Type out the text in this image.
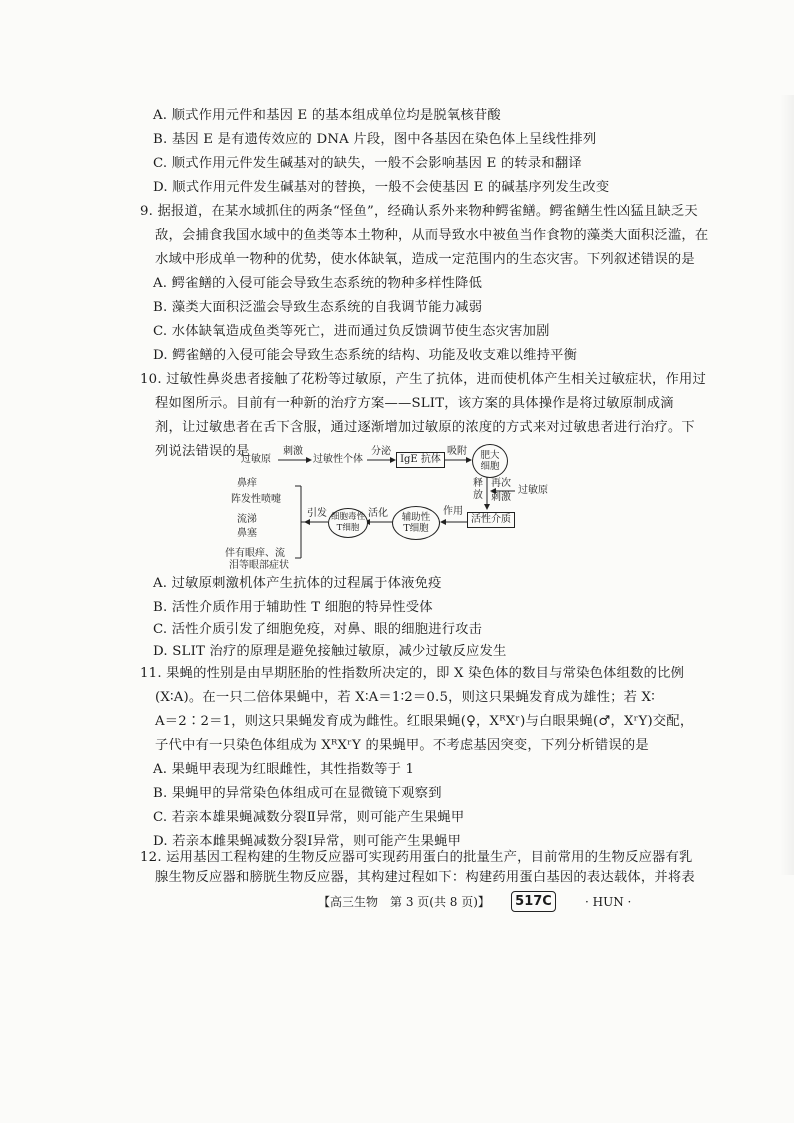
A. 顺式作用元件和基因 E 的基本组成单位均是脱氧核苷酸
B. 基因 E 是有遗传效应的 DNA 片段，图中各基因在染色体上呈线性排列
C. 顺式作用元件发生碱基对的缺失，一般不会影响基因 E 的转录和翻译
D. 顺式作用元件发生碱基对的替换，一般不会使基因 E 的碱基序列发生改变
9. 据报道，在某水域抓住的两条“怪鱼”，经确认系外来物种鳄雀鳝。鳄雀鳝生性凶猛且缺乏天
敌，会捕食我国水域中的鱼类等本土物种，从而导致水中被鱼当作食物的藻类大面积泛滥，在
水域中形成单一物种的优势，使水体缺氧，造成一定范围内的生态灾害。下列叙述错误的是
A. 鳄雀鳝的入侵可能会导致生态系统的物种多样性降低
B. 藻类大面积泛滥会导致生态系统的自我调节能力减弱
C. 水体缺氧造成鱼类等死亡，进而通过负反馈调节使生态灾害加剧
D. 鳄雀鳝的入侵可能会导致生态系统的结构、功能及收支难以维持平衡
10. 过敏性鼻炎患者接触了花粉等过敏原，产生了抗体，进而使机体产生相关过敏症状，作用过
程如图所示。目前有一种新的治疗方案——SLIT，该方案的具体操作是将过敏原制成滴
剂，让过敏患者在舌下含服，通过逐渐增加过敏原的浓度的方式来对过敏患者进行治疗。下
列说法错误的是
过敏原
刺激
过敏性个体
分泌
IgE 抗体
吸附 肥大细胞
释放
再次
刺激
过敏原
活性介质
作用
辅助性T细胞
活化
细胞毒性T细胞
引发
鼻痒
阵发性喷嚏
流涕
鼻塞
伴有眼痒、流
泪等眼部症状
A. 过敏原刺激机体产生抗体的过程属于体液免疫
B. 活性介质作用于辅助性 T 细胞的特异性受体
C. 活性介质引发了细胞免疫，对鼻、眼的细胞进行攻击
D. SLIT 治疗的原理是避免接触过敏原，减少过敏反应发生
11. 果蝇的性别是由早期胚胎的性指数所决定的，即 X 染色体的数目与常染色体组数的比例
(X∶A)。在一只二倍体果蝇中，若 X∶A＝1∶2＝0.5，则这只果蝇发育成为雄性；若 X∶
A＝2∶2＝1，则这只果蝇发育成为雌性。红眼果蝇(♀，XᴿXʳ)与白眼果蝇(♂，XʳY)交配，
子代中有一只染色体组成为 XᴿXʳY 的果蝇甲。不考虑基因突变，下列分析错误的是
A. 果蝇甲表现为红眼雌性，其性指数等于 1
B. 果蝇甲的异常染色体组成可在显微镜下观察到
C. 若亲本雄果蝇减数分裂Ⅱ异常，则可能产生果蝇甲
D. 若亲本雌果蝇减数分裂Ⅰ异常，则可能产生果蝇甲
12. 运用基因工程构建的生物反应器可实现药用蛋白的批量生产，目前常用的生物反应器有乳
腺生物反应器和膀胱生物反应器，其构建过程如下：构建药用蛋白基因的表达载体，并将表
【高三生物　第 3 页(共 8 页)】	517C	· HUN ·
